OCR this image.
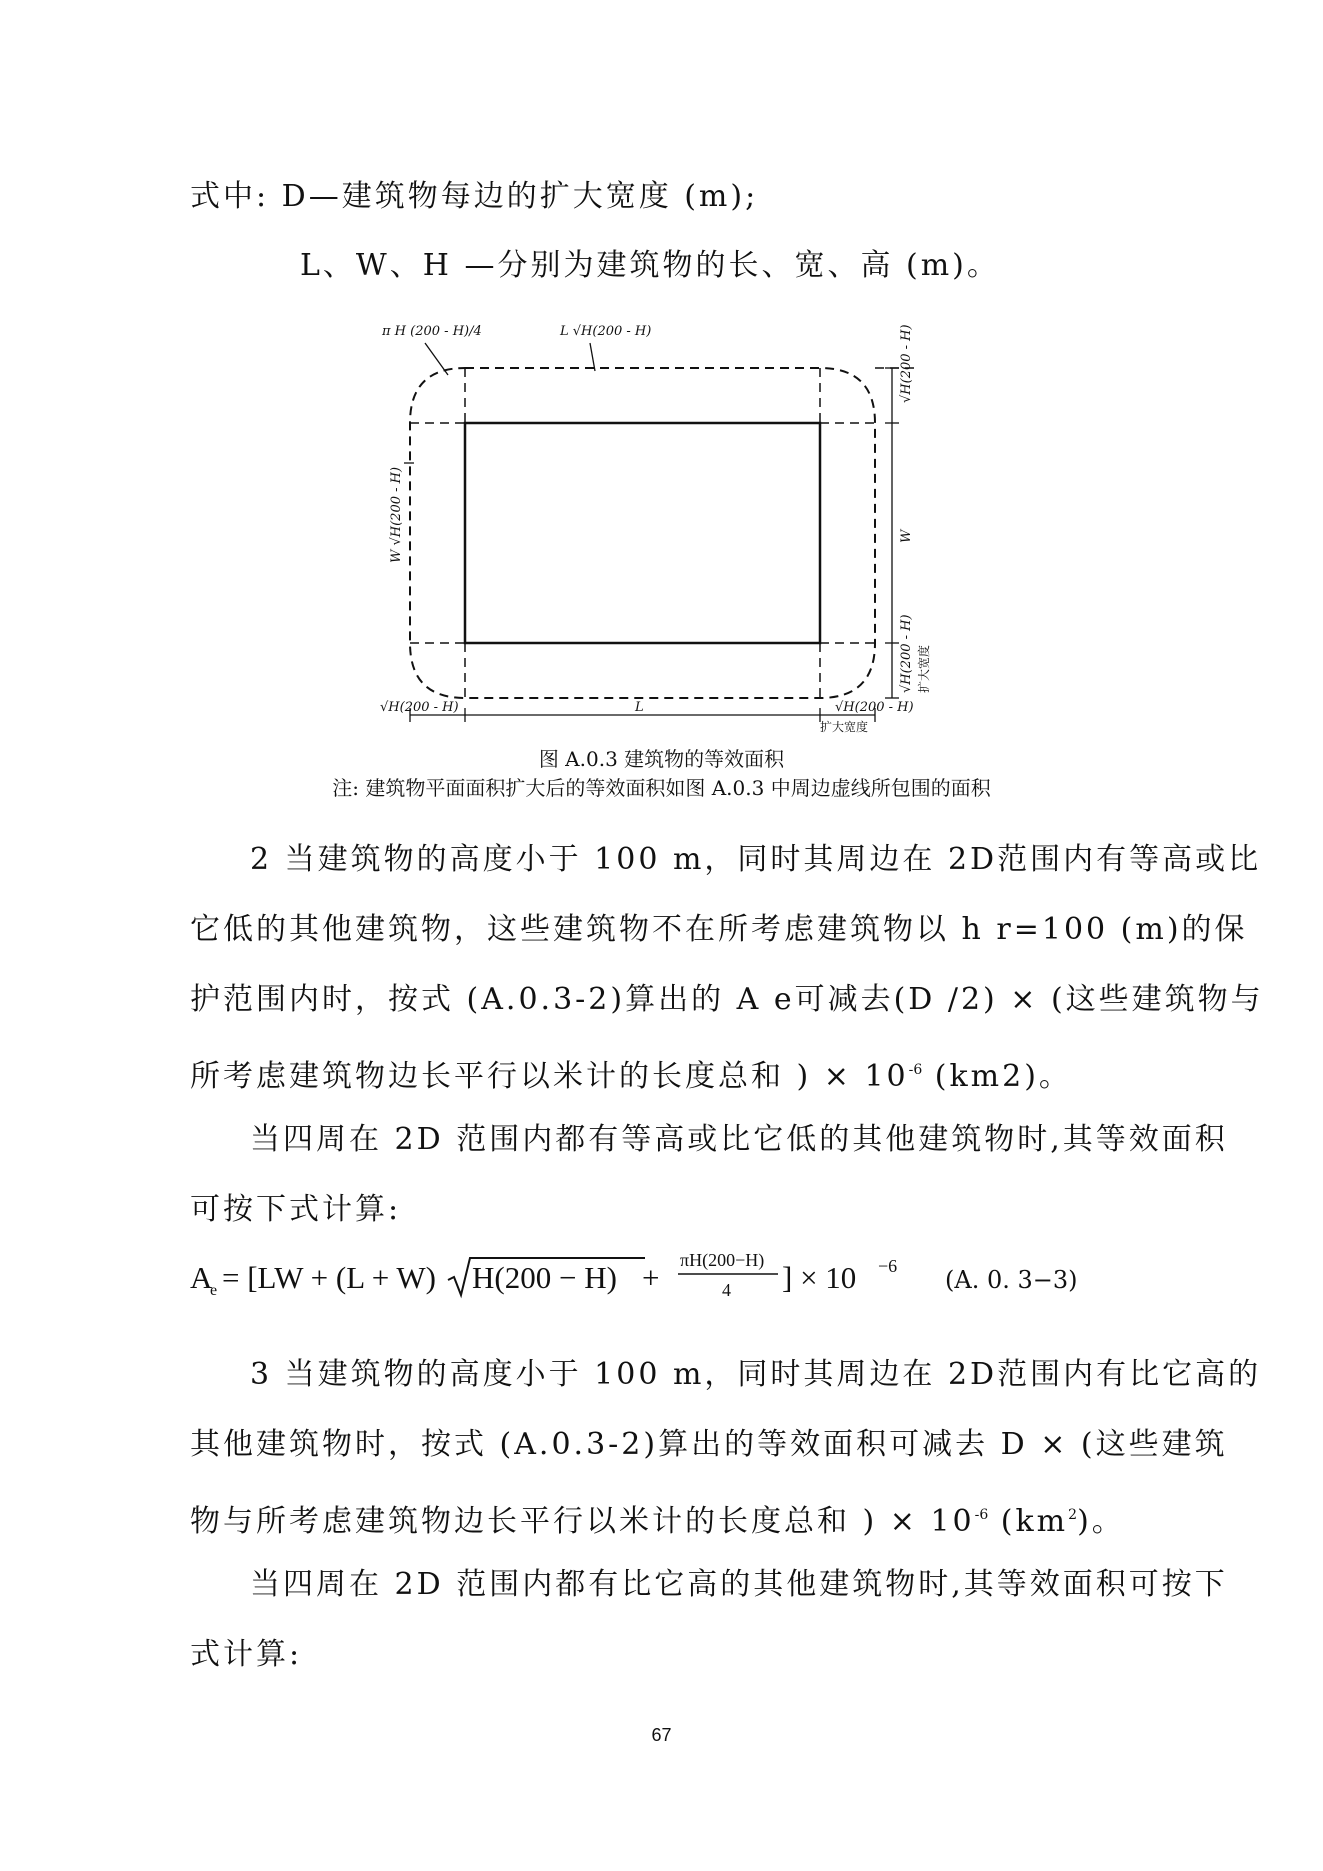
式中: D—建筑物每边的扩大宽度 (m);
L、W、H —分别为建筑物的长、宽、高 (m)。
π H (200 - H)/4	L √H(200 - H)
W √H(200 - H)
√H(200 - H)
W
√H(200 - H) 扩大宽度
√H(200 - H)	L	√H(200 - H)
扩大宽度
图 A.0.3 建筑物的等效面积
注: 建筑物平面面积扩大后的等效面积如图 A.0.3 中周边虚线所包围的面积
2 当建筑物的高度小于 100 m，同时其周边在 2D范围内有等高或比
它低的其他建筑物，这些建筑物不在所考虑建筑物以 h r=100 (m)的保
护范围内时，按式 (A.0.3-2)算出的 A e可减去(D /2) × (这些建筑物与
所考虑建筑物边长平行以米计的长度总和 ) × $10^{-6}$ (km2)。
当四周在 2D 范围内都有等高或比它低的其他建筑物时,其等效面积
可按下式计算:
A
e = [LW + (L + W) H(200 − H) + πH(200−H)
4 ] × 10 −6 (A. 0. 3−3)
3 当建筑物的高度小于 100 m，同时其周边在 2D范围内有比它高的
其他建筑物时，按式 (A.0.3-2)算出的等效面积可减去 D × (这些建筑
物与所考虑建筑物边长平行以米计的长度总和 ) × $10^{-6}$ $(km^2)$。
当四周在 2D 范围内都有比它高的其他建筑物时,其等效面积可按下
式计算:
67
